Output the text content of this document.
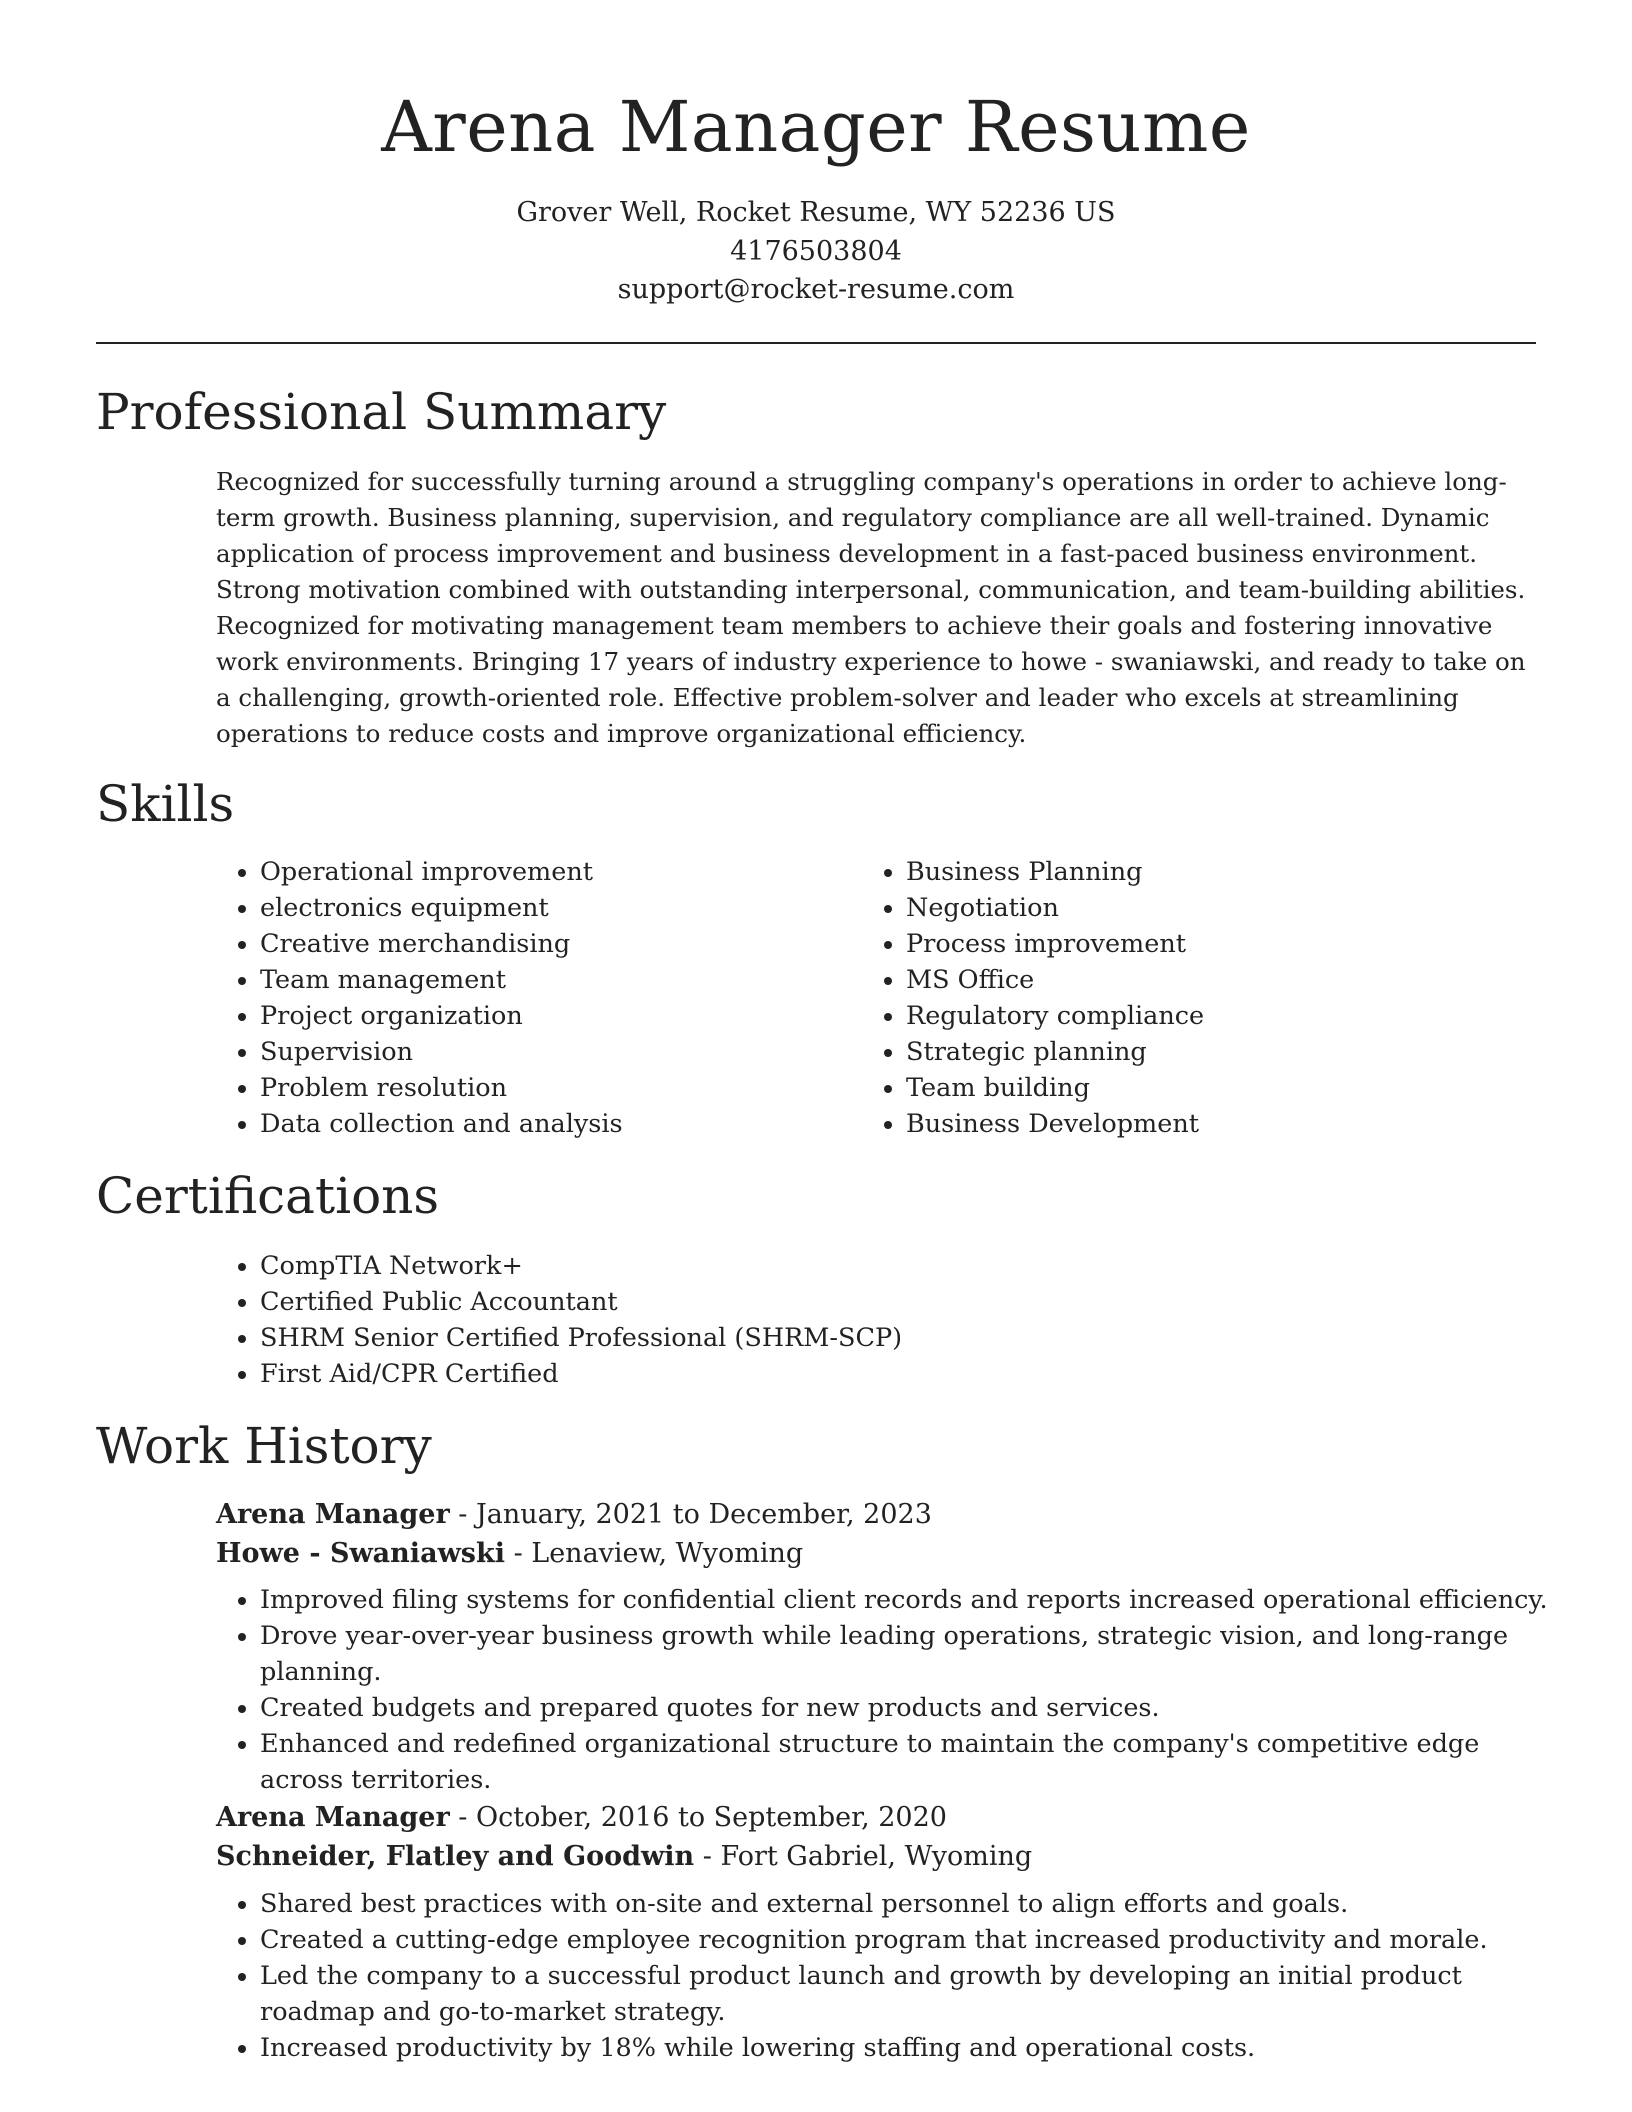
Arena Manager Resume
Grover Well, Rocket Resume, WY 52236 US
4176503804
support@rocket-resume.com
Professional Summary

Recognized for successfully turning around a struggling company's operations in order to achieve long-term growth. Business planning, supervision, and regulatory compliance are all well-trained. Dynamic application of process improvement and business development in a fast-paced business environment. Strong motivation combined with outstanding interpersonal, communication, and team-building abilities. Recognized for motivating management team members to achieve their goals and fostering innovative work environments. Bringing 17 years of industry experience to howe - swaniawski, and ready to take on a challenging, growth-oriented role. Effective problem-solver and leader who excels at streamlining operations to reduce costs and improve organizational efficiency.

Skills
• Operational improvement
• electronics equipment
• Creative merchandising
• Team management
• Project organization
• Supervision
• Problem resolution
• Data collection and analysis
• Business Planning
• Negotiation
• Process improvement
• MS Office
• Regulatory compliance
• Strategic planning
• Team building
• Business Development
Certifications
• CompTIA Network+
• Certified Public Accountant
• SHRM Senior Certified Professional (SHRM-SCP)
• First Aid/CPR Certified
Work History
Arena Manager - January, 2021 to December, 2023
Howe - Swaniawski - Lenaview, Wyoming
• Improved filing systems for confidential client records and reports increased operational efficiency.
• Drove year-over-year business growth while leading operations, strategic vision, and long-range planning.
• Created budgets and prepared quotes for new products and services.
• Enhanced and redefined organizational structure to maintain the company's competitive edge across territories.
Arena Manager - October, 2016 to September, 2020
Schneider, Flatley and Goodwin - Fort Gabriel, Wyoming
• Shared best practices with on-site and external personnel to align efforts and goals.
• Created a cutting-edge employee recognition program that increased productivity and morale.
• Led the company to a successful product launch and growth by developing an initial product roadmap and go-to-market strategy.
• Increased productivity by 18% while lowering staffing and operational costs.
